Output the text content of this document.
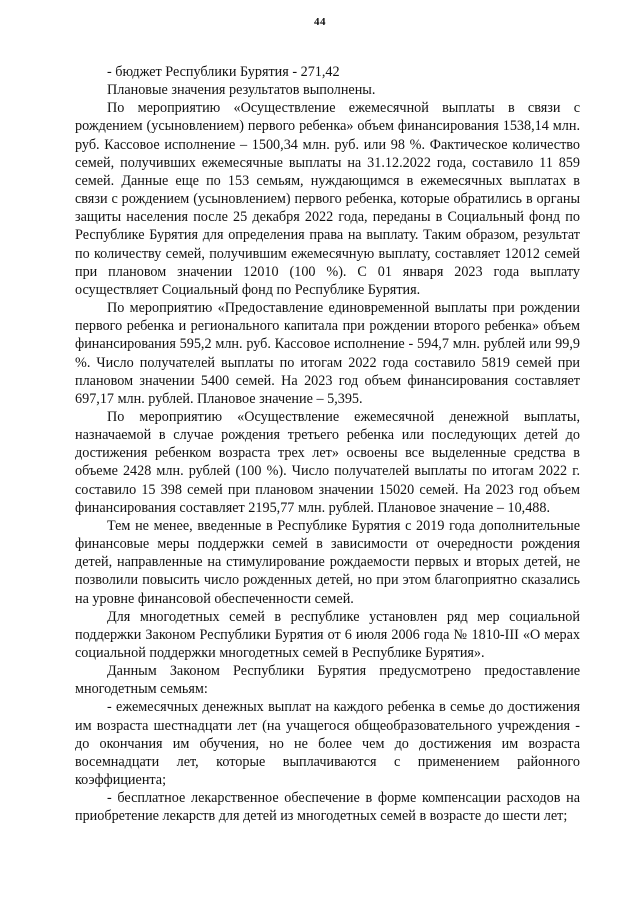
44

- бюджет Республики Бурятия - 271,42

Плановые значения результатов выполнены.

По мероприятию «Осуществление ежемесячной выплаты в связи с рождением (усыновлением) первого ребенка» объем финансирования 1538,14 млн. руб. Кассовое исполнение – 1500,34 млн. руб. или 98 %. Фактическое количество семей, получивших ежемесячные выплаты на 31.12.2022 года, составило 11 859 семей. Данные еще по 153 семьям, нуждающимся в ежемесячных выплатах в связи с рождением (усыновлением) первого ребенка, которые обратились в органы защиты населения после 25 декабря 2022 года, переданы в Социальный фонд по Республике Бурятия для определения права на выплату. Таким образом, результат по количеству семей, получившим ежемесячную выплату, составляет 12012 семей при плановом значении 12010 (100 %). С 01 января 2023 года выплату осуществляет Социальный фонд по Республике Бурятия.

По мероприятию «Предоставление единовременной выплаты при рождении первого ребенка и регионального капитала при рождении второго ребенка» объем финансирования 595,2 млн. руб. Кассовое исполнение - 594,7 млн. рублей или 99,9 %. Число получателей выплаты по итогам 2022 года составило 5819 семей при плановом значении 5400 семей. На 2023 год объем финансирования составляет 697,17 млн. рублей. Плановое значение – 5,395.

По мероприятию «Осуществление ежемесячной денежной выплаты, назначаемой в случае рождения третьего ребенка или последующих детей до достижения ребенком возраста трех лет» освоены все выделенные средства в объеме 2428 млн. рублей (100 %). Число получателей выплаты по итогам 2022 г. составило 15 398 семей при плановом значении 15020 семей. На 2023 год объем финансирования составляет 2195,77 млн. рублей. Плановое значение – 10,488.

Тем не менее, введенные в Республике Бурятия с 2019 года дополнительные финансовые меры поддержки семей в зависимости от очередности рождения детей, направленные на стимулирование рождаемости первых и вторых детей, не позволили повысить число рожденных детей, но при этом благоприятно сказались на уровне финансовой обеспеченности семей.

Для многодетных семей в республике установлен ряд мер социальной поддержки Законом Республики Бурятия от 6 июля 2006 года № 1810-III «О мерах социальной поддержки многодетных семей в Республике Бурятия».

Данным Законом Республики Бурятия предусмотрено предоставление многодетным семьям:

- ежемесячных денежных выплат на каждого ребенка в семье до достижения им возраста шестнадцати лет (на учащегося общеобразовательного учреждения - до окончания им обучения, но не более чем до достижения им возраста восемнадцати лет, которые выплачиваются с применением районного коэффициента;

- бесплатное лекарственное обеспечение в форме компенсации расходов на приобретение лекарств для детей из многодетных семей в возрасте до шести лет;
